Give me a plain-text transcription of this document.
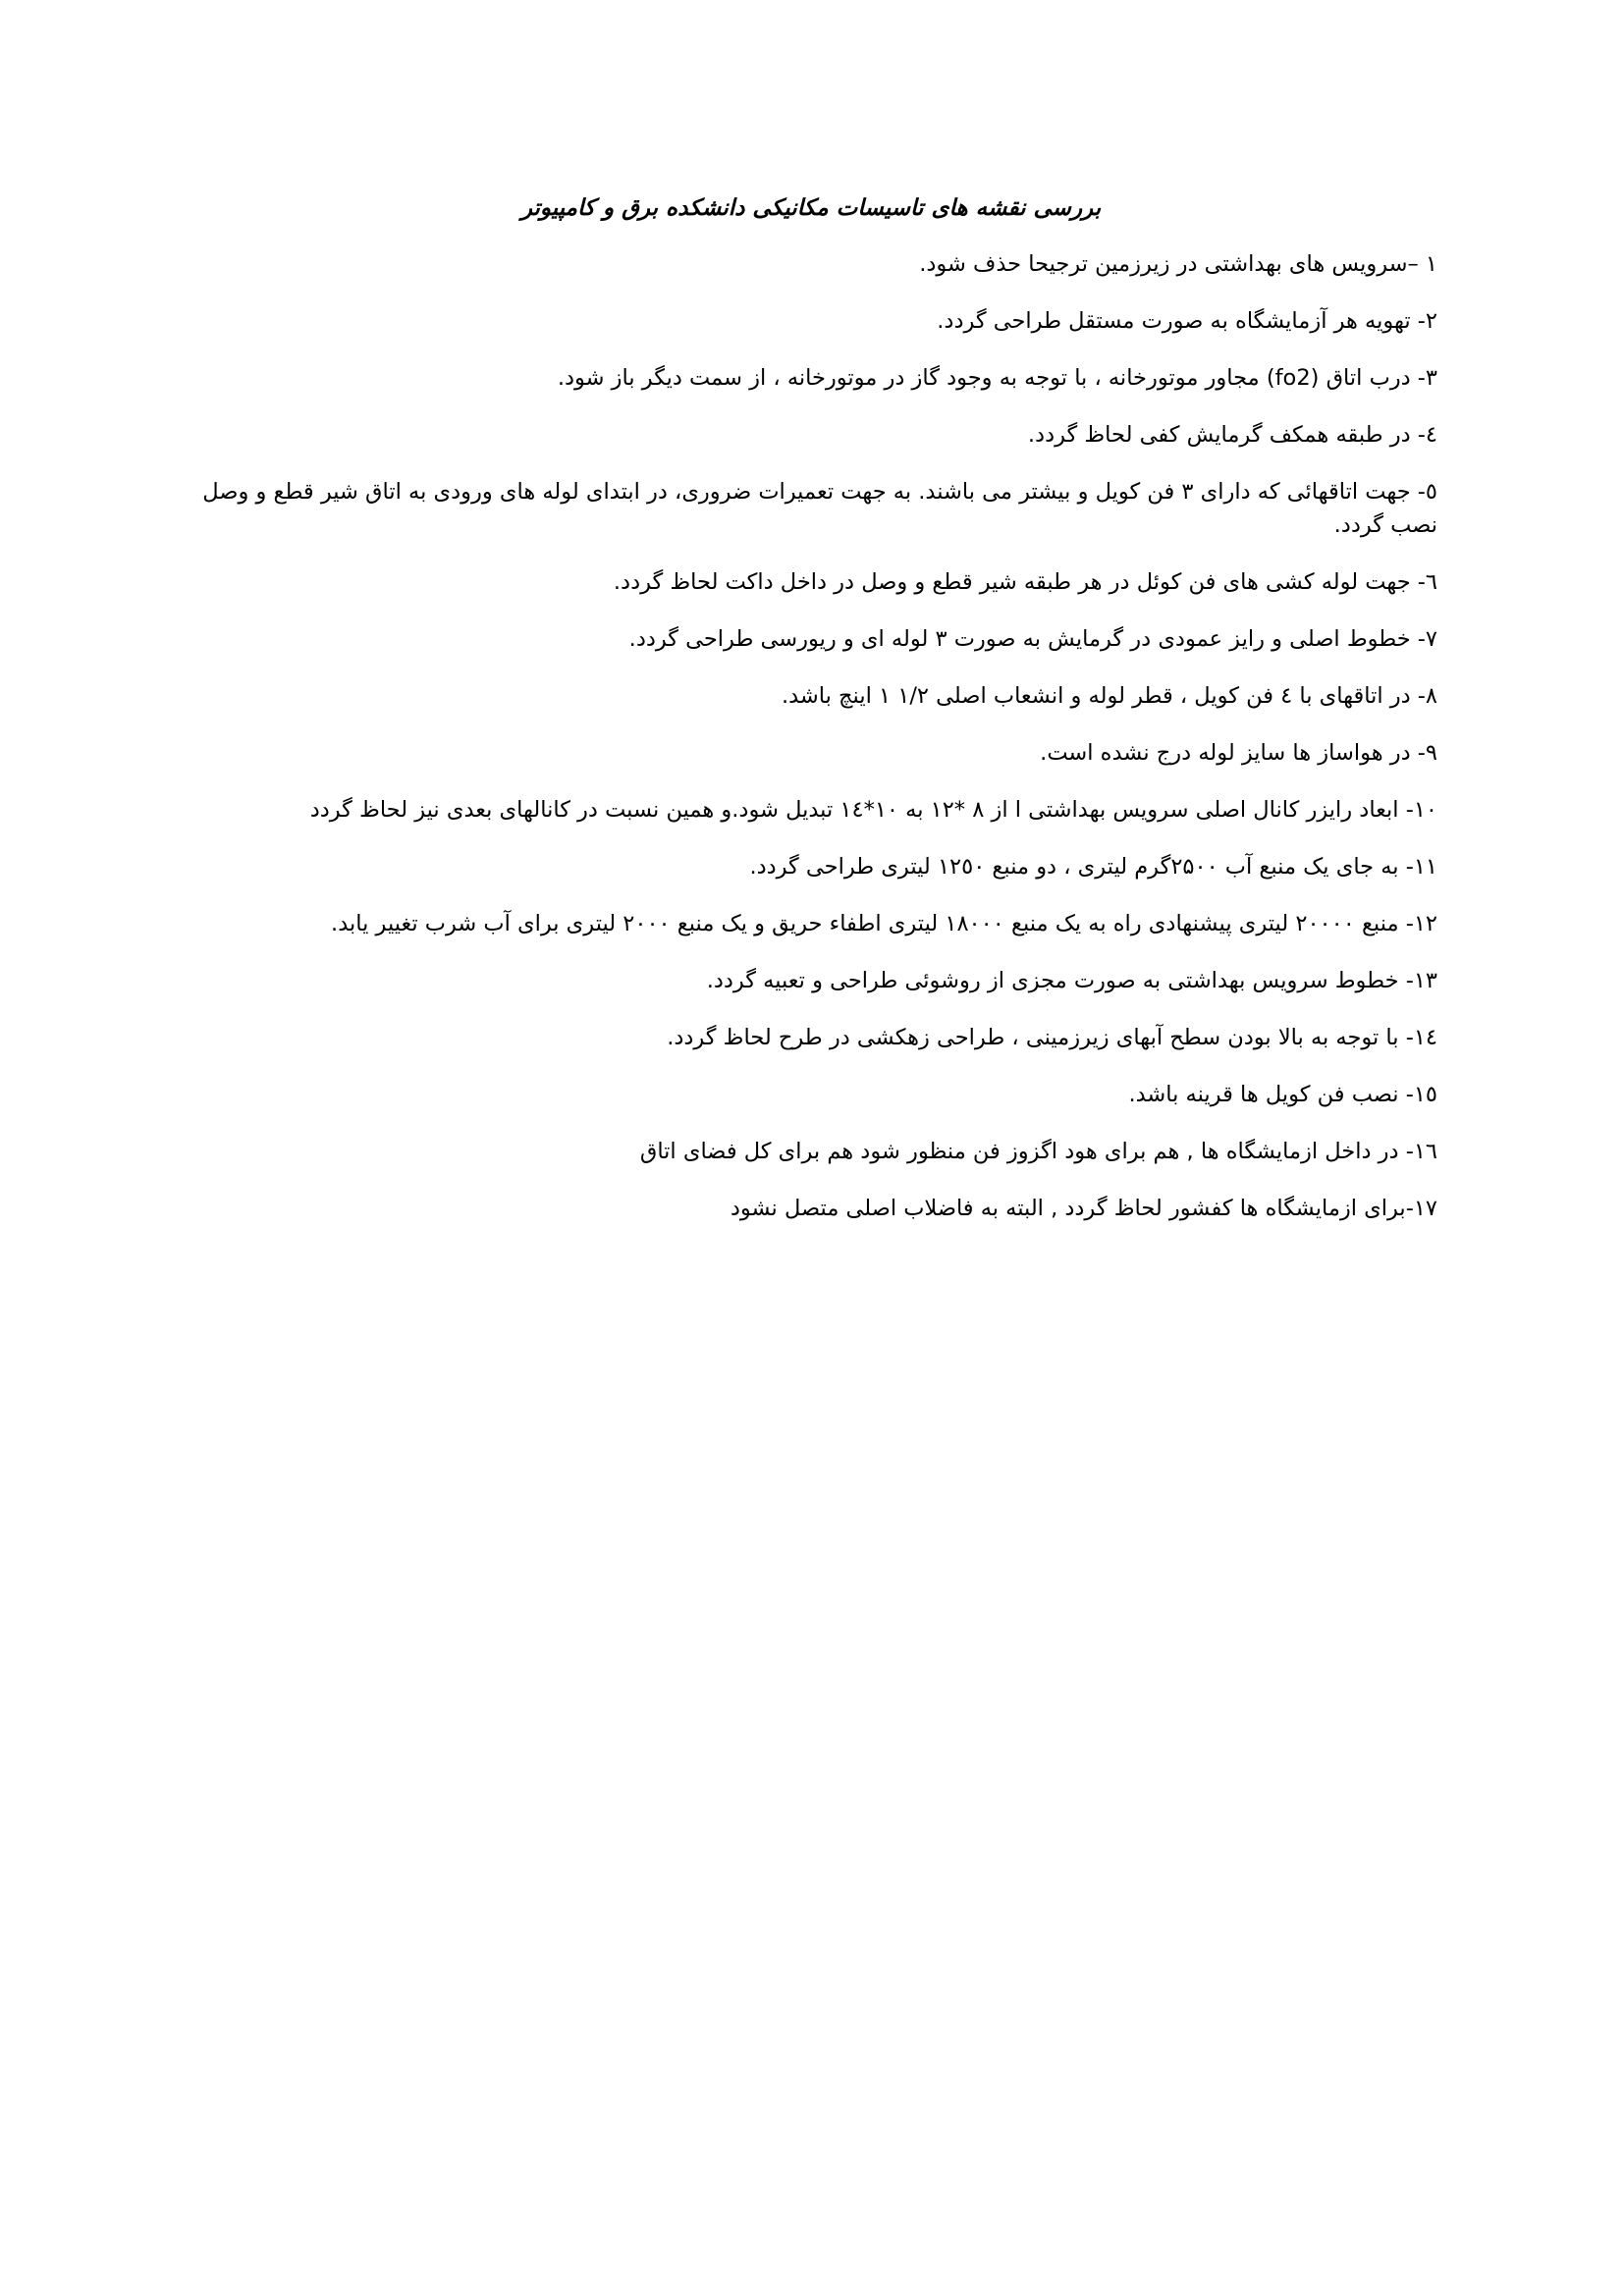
بررسی نقشه های تاسیسات مکانیکی دانشکده برق و کامپیوتر
۱ –سرویس های بهداشتی در زیرزمین ترجیحا حذف شود.
۲- تهویه هر آزمایشگاه به صورت مستقل طراحی گردد.
۳- درب اتاق (fo2) مجاور موتورخانه ، با توجه به وجود گاز در موتورخانه ، از سمت دیگر باز شود.
٤- در طبقه همکف گرمایش کفی لحاظ گردد.
٥- جهت اتاقهائی که دارای ۳ فن کویل و بیشتر می باشند. به جهت تعمیرات ضروری، در ابتدای لوله های ورودی به اتاق شیر قطع و وصل نصب گردد.
٦- جهت لوله کشی های فن کوئل در هر طبقه شیر قطع و وصل در داخل داکت لحاظ گردد.
۷- خطوط اصلی و رایز عمودی در گرمایش به صورت ۳ لوله ای و ریورسی طراحی گردد.
۸- در اتاقهای با ٤ فن کویل ، قطر لوله و انشعاب اصلی ۱/۲ ۱ اینچ باشد.
۹- در هواساز ها سایز لوله درج نشده است.
۱۰- ابعاد رایزر کانال اصلی سرویس بهداشتی ا از ۸ *۱۲ به ۱۰*۱٤ تبدیل شود.و همین نسبت در کانالهای بعدی نیز لحاظ گردد
۱۱- به جای یک منبع آب ۲۵۰۰گرم لیتری ، دو منبع ۱۲٥۰ لیتری طراحی گردد.
۱۲- منبع ۲۰۰۰۰ لیتری پیشنهادی راه به یک منبع ۱۸۰۰۰ لیتری اطفاء حریق و یک منبع ۲۰۰۰ لیتری برای آب شرب تغییر یابد.
۱۳- خطوط سرویس بهداشتی به صورت مجزی از روشوئی طراحی و تعبیه گردد.
۱٤- با توجه به بالا بودن سطح آبهای زیرزمینی ، طراحی زهکشی در طرح لحاظ گردد.
۱٥- نصب فن کویل ها قرینه باشد.
۱٦- در داخل ازمایشگاه ها , هم برای هود اگزوز فن منظور شود هم برای کل فضای اتاق
۱۷-برای ازمایشگاه ها کفشور لحاظ گردد , البته به فاضلاب اصلی متصل نشود
